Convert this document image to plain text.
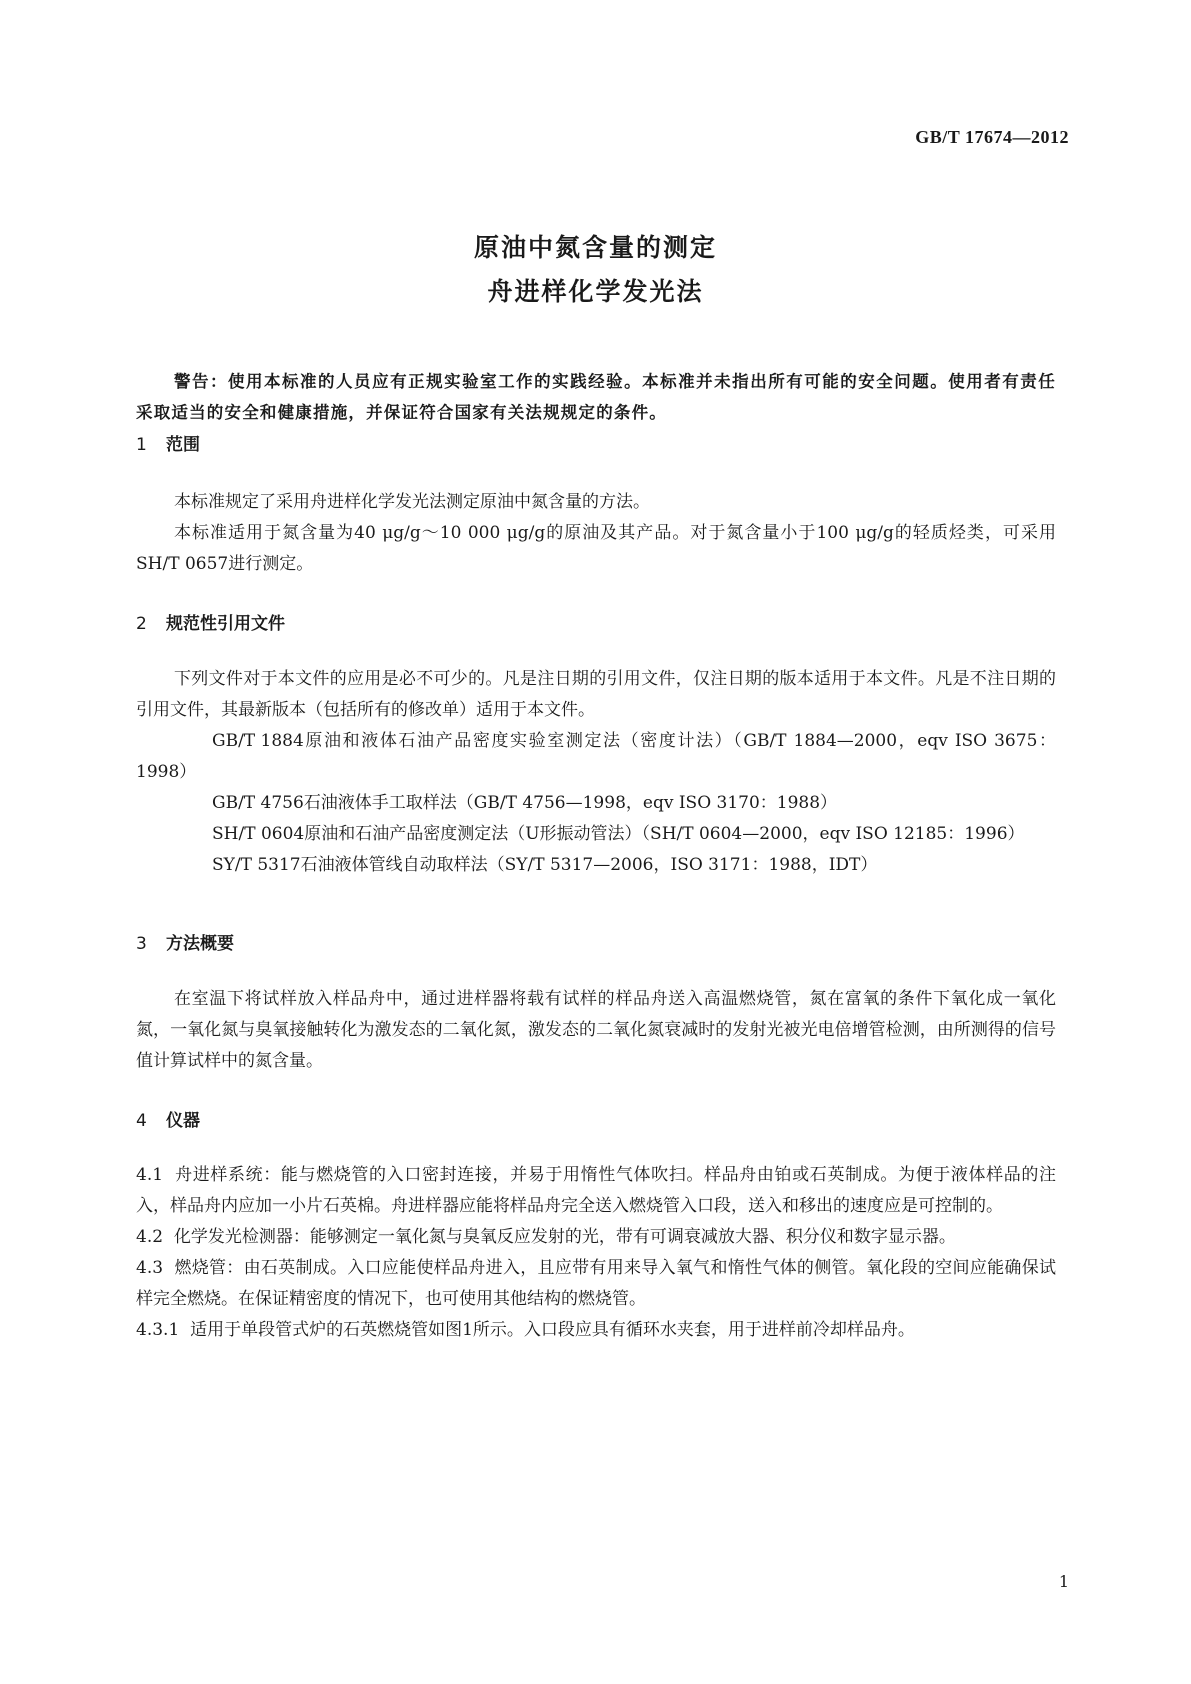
GB/T 17674—2012
原油中氮含量的测定
舟进样化学发光法

警告：使用本标准的人员应有正规实验室工作的实践经验。本标准并未指出所有可能的安全问题。使用者有责任采取适当的安全和健康措施，并保证符合国家有关法规规定的条件。

1 范围

本标准规定了采用舟进样化学发光法测定原油中氮含量的方法。

本标准适用于氮含量为40 μg/g～10 000 μg/g的原油及其产品。对于氮含量小于100 μg/g的轻质烃类，可采用SH/T 0657进行测定。

2 规范性引用文件

下列文件对于本文件的应用是必不可少的。凡是注日期的引用文件，仅注日期的版本适用于本文件。凡是不注日期的引用文件，其最新版本（包括所有的修改单）适用于本文件。

GB/T 1884原油和液体石油产品密度实验室测定法（密度计法）（GB/T 1884—2000，eqv ISO 3675：1998）

GB/T 4756石油液体手工取样法（GB/T 4756—1998，eqv ISO 3170：1988）

SH/T 0604原油和石油产品密度测定法（U形振动管法）（SH/T 0604—2000，eqv ISO 12185：1996）

SY/T 5317石油液体管线自动取样法（SY/T 5317—2006，ISO 3171：1988，IDT）

3 方法概要

在室温下将试样放入样品舟中，通过进样器将载有试样的样品舟送入高温燃烧管，氮在富氧的条件下氧化成一氧化氮，一氧化氮与臭氧接触转化为激发态的二氧化氮，激发态的二氧化氮衰减时的发射光被光电倍增管检测，由所测得的信号值计算试样中的氮含量。

4 仪器

4.1 舟进样系统：能与燃烧管的入口密封连接，并易于用惰性气体吹扫。样品舟由铂或石英制成。为便于液体样品的注入，样品舟内应加一小片石英棉。舟进样器应能将样品舟完全送入燃烧管入口段，送入和移出的速度应是可控制的。

4.2 化学发光检测器：能够测定一氧化氮与臭氧反应发射的光，带有可调衰减放大器、积分仪和数字显示器。

4.3 燃烧管：由石英制成。入口应能使样品舟进入，且应带有用来导入氧气和惰性气体的侧管。氧化段的空间应能确保试样完全燃烧。在保证精密度的情况下，也可使用其他结构的燃烧管。

4.3.1 适用于单段管式炉的石英燃烧管如图1所示。入口段应具有循环水夹套，用于进样前冷却样品舟。

1
